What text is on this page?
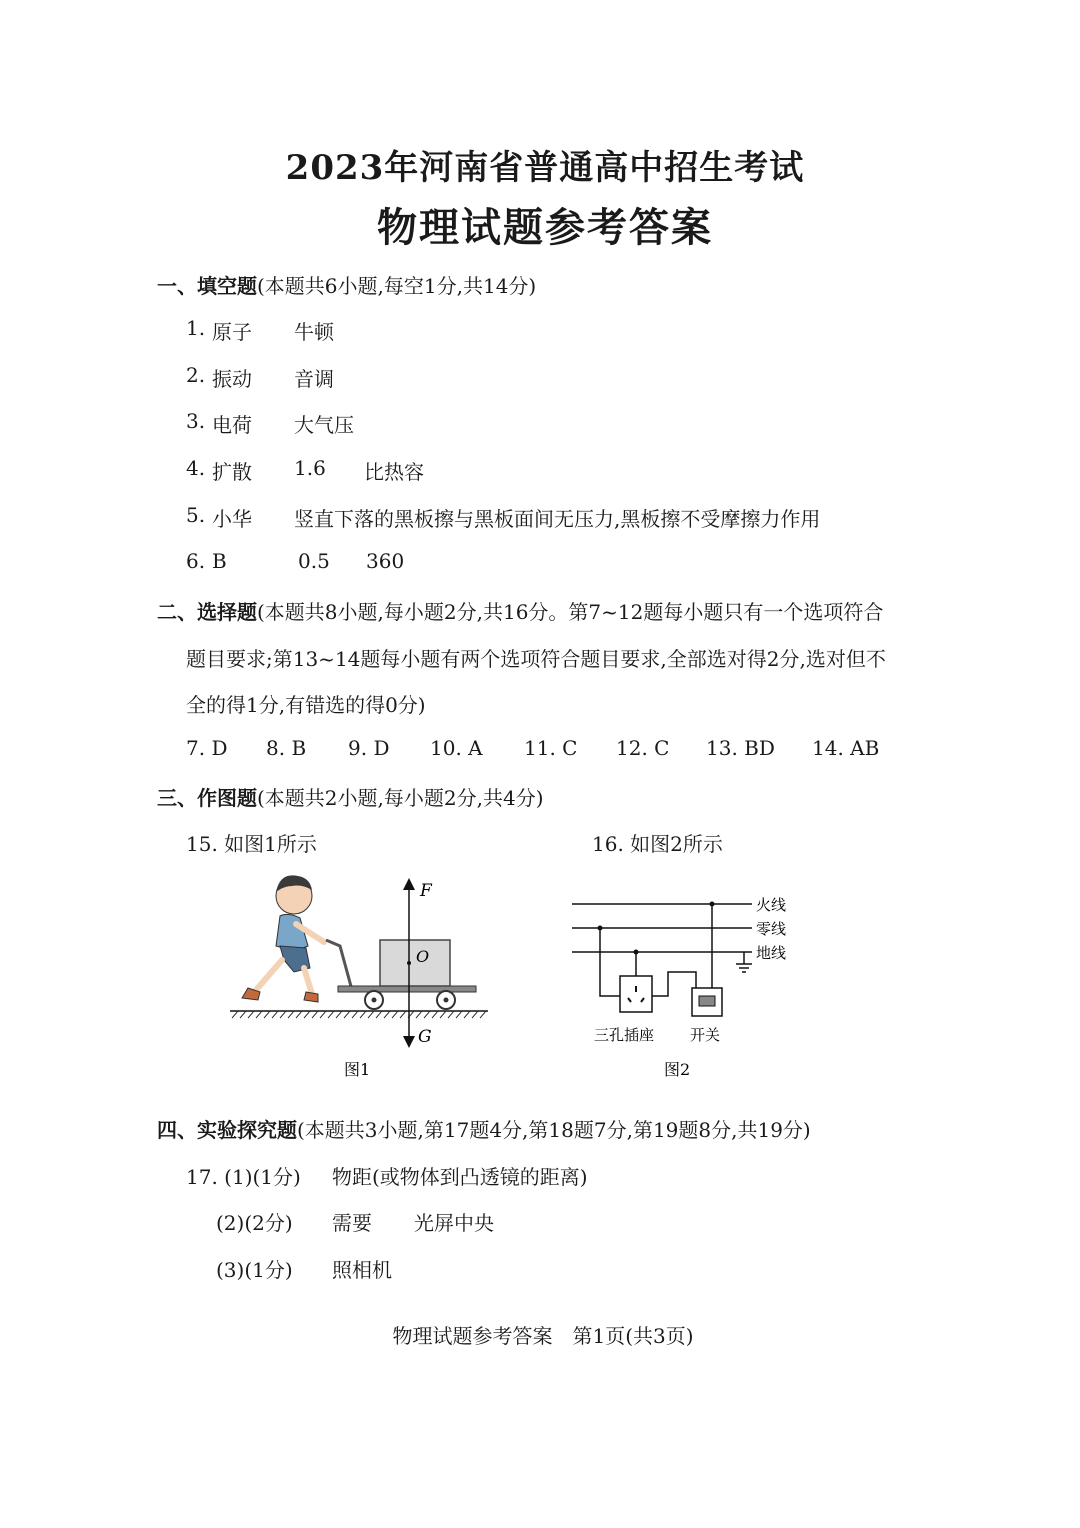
2023年河南省普通高中招生考试
物理试题参考答案
一、填空题(本题共6小题,每空1分,共14分)
1. 原子 牛顿
2. 振动 音调
3. 电荷 大气压
4. 扩散 1.6 比热容
5. 小华 竖直下落的黑板擦与黑板面间无压力,黑板擦不受摩擦力作用
6. B	0.5 360
二、选择题(本题共8小题,每小题2分,共16分。第7~12题每小题只有一个选项符合
题目要求;第13~14题每小题有两个选项符合题目要求,全部选对得2分,选对但不
全的得1分,有错选的得0分)
7. D 8. B 9. D 10. A 11. C 12. C 13. BD 14. AB
三、作图题(本题共2小题,每小题2分,共4分)
15. 如图1所示	16. 如图2所示
F
O
G
图1
火线
零线
地线
三孔插座 开关
图2
四、实验探究题(本题共3小题,第17题4分,第18题7分,第19题8分,共19分)
17. (1)(1分) 物距(或物体到凸透镜的距离)
(2)(2分) 需要 光屏中央
(3)(1分) 照相机
物理试题参考答案　第1页(共3页)
